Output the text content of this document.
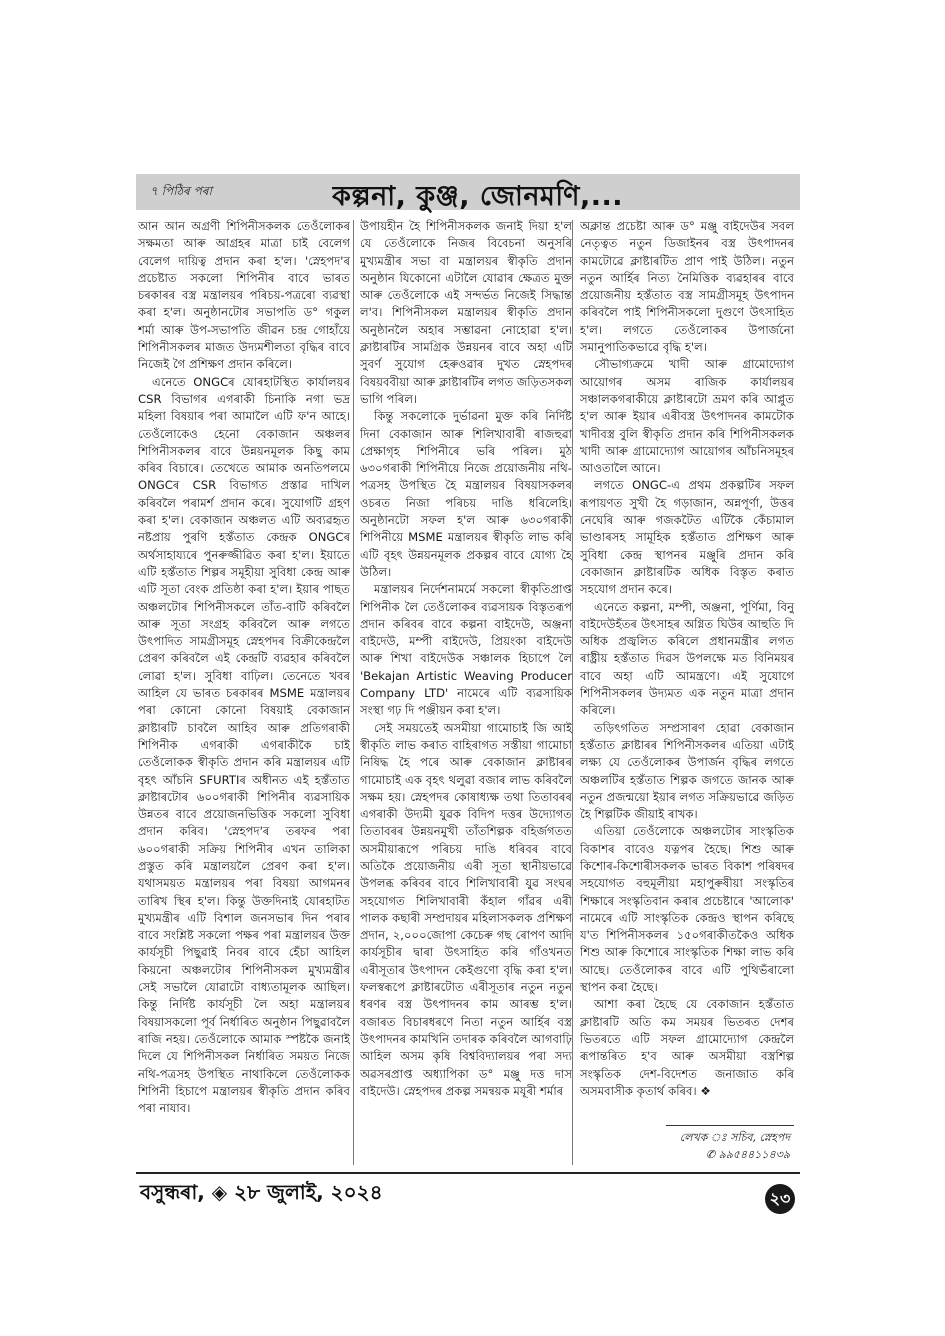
৭ পিঠিৰ পৰা	কল্পনা, কুঞ্জ, জোনমণি,...

আন আন অগ্ৰণী শিপিনীসকলক তেওঁলোকৰ সক্ষমতা আৰু আগ্ৰহৰ মাত্ৰা চাই বেলেগ বেলেগ দায়িত্ব প্ৰদান কৰা হ'ল। 'স্নেহপদ'ৰ প্ৰচেষ্টাত সকলো শিপিনীৰ বাবে ভাৰত চৰকাৰৰ বস্ত্ৰ মন্ত্ৰালয়ৰ পৰিচয়-পত্ৰৰো ব্যৱস্থা কৰা হ'ল। অনুষ্ঠানটোৰ সভাপতি ড° গকুল শৰ্মা আৰু উপ-সভাপতি জীৱন চন্দ্ৰ গোহাঁয়ে শিপিনীসকলৰ মাজত উদ্যমশীলতা বৃদ্ধিৰ বাবে নিজেই গৈ প্ৰশিক্ষণ প্ৰদান কৰিলে।

এনেতে ONGCৰ যোৰহাটস্থিত কাৰ্যালয়ৰ CSR বিভাগৰ এগৰাকী চিনাকি নগা ভদ্ৰ মহিলা বিষয়াৰ পৰা আমালৈ এটি ফ'ন আহে। তেওঁলোকেও হেনো বেকাজান অঞ্চলৰ শিপিনীসকলৰ বাবে উন্নয়নমূলক কিছু কাম কৰিব বিচাৰে। তেখেতে আমাক অনতিপলমে ONGCৰ CSR বিভাগত প্ৰস্তাৱ দাখিল কৰিবলৈ পৰামৰ্শ প্ৰদান কৰে। সুযোগটি গ্ৰহণ কৰা হ'ল। বেকাজান অঞ্চলত এটি অব্যৱহৃত নষ্টপ্ৰায় পুৰণি হস্তঁতাত কেন্দ্ৰক ONGCৰ অৰ্থসাহায্যৰে পুনৰুজ্জীৱিত কৰা হ'ল। ইয়াতে এটি হস্তঁতাত শিল্পৰ সমূহীয়া সুবিধা কেন্দ্ৰ আৰু এটি সূতা বেংক প্ৰতিষ্ঠা কৰা হ'ল। ইয়াৰ পাছত অঞ্চলটোৰ শিপিনীসকলে তাঁত-বাটি কৰিবলৈ আৰু সূতা সংগ্ৰহ কৰিবলৈ আৰু লগতে উৎপাদিত সামগ্ৰীসমূহ স্নেহপদৰ বিক্ৰীকেন্দ্ৰলৈ প্ৰেৰণ কৰিবলৈ এই কেন্দ্ৰটি ব্যৱহাৰ কৰিবলৈ লোৱা হ'ল। সুবিধা বাঢ়িল। তেনেতে খবৰ আহিল যে ভাৰত চৰকাৰৰ MSME মন্ত্ৰালয়ৰ পৰা কোনো কোনো বিষয়াই বেকাজান ক্লাষ্টাৰটি চাবলৈ আহিব আৰু প্ৰতিগৰাকী শিপিনীক এগৰাকী এগৰাকীকৈ চাই তেওঁলোকক স্বীকৃতি প্ৰদান কৰি মন্ত্ৰালয়ৰ এটি বৃহৎ আঁচনি SFURTIৰ অধীনত এই হস্তঁতাত ক্লাষ্টাৰটোৰ ৬০০গৰাকী শিপিনীৰ ব্যৱসায়িক উন্নতৰ বাবে প্ৰয়োজনভিত্তিক সকলো সুবিধা প্ৰদান কৰিব। 'স্নেহপদ'ৰ তৰফৰ পৰা ৬০০গৰাকী সক্ৰিয় শিপিনীৰ এখন তালিকা প্ৰস্তুত কৰি মন্ত্ৰালয়লৈ প্ৰেৰণ কৰা হ'ল। যথাসময়ত মন্ত্ৰালয়ৰ পৰা বিষয়া আগমনৰ তাৰিখ স্থিৰ হ'ল। কিন্তু উক্তদিনাই যোৰহাটত মুখ্যমন্ত্ৰীৰ এটি বিশাল জনসভাৰ দিন পৰাৰ বাবে সংশ্লিষ্ট সকলো পক্ষৰ পৰা মন্ত্ৰালয়ৰ উক্ত কাৰ্যসূচী পিছুৱাই নিবৰ বাবে হেঁচা আহিল কিয়নো অঞ্চলটোৰ শিপিনীসকল মুখ্যমন্ত্ৰীৰ সেই সভালৈ যোৱাটো বাধ্যতামূলক আছিল। কিন্তু নিৰ্দিষ্ট কাৰ্যসূচী লৈ অহা মন্ত্ৰালয়ৰ বিষয়াসকলো পূৰ্ব নিৰ্ধাৰিত অনুষ্ঠান পিছুৱাবলৈ ৰাজি নহয়। তেওঁলোকে আমাক স্পষ্টকৈ জনাই দিলে যে শিপিনীসকল নিৰ্ধাৰিত সময়ত নিজে নথি-পত্ৰসহ উপস্থিত নাথাকিলে তেওঁলোকক শিপিনী হিচাপে মন্ত্ৰালয়ৰ স্বীকৃতি প্ৰদান কৰিব পৰা নাযাব।

উপায়হীন হৈ শিপিনীসকলক জনাই দিয়া হ'ল যে তেওঁলোকে নিজৰ বিবেচনা অনুসৰি মুখ্যমন্ত্ৰীৰ সভা বা মন্ত্ৰালয়ৰ স্বীকৃতি প্ৰদান অনুষ্ঠান যিকোনো এটালৈ যোৱাৰ ক্ষেত্ৰত মুক্ত আৰু তেওঁলোকে এই সন্দৰ্ভত নিজেই সিদ্ধান্ত ল'ব। শিপিনীসকল মন্ত্ৰালয়ৰ স্বীকৃতি প্ৰদান অনুষ্ঠানলৈ অহাৰ সম্ভাৱনা নোহোৱা হ'ল। ক্লাষ্টাৰটিৰ সামগ্ৰিক উন্নয়নৰ বাবে অহা এটি সুবৰ্ণ সুযোগ হেৰুওৱাৰ দুখত স্নেহপদৰ বিষয়ববীয়া আৰু ক্লাষ্টাৰটিৰ লগত জড়িতসকল ভাগি পৰিল।

কিন্তু সকলোকে দুৰ্ভাৱনা মুক্ত কৰি নিৰ্দিষ্ট দিনা বেকাজান আৰু শিলিখাবাৰী ৰাজহুৱা প্ৰেক্ষাগৃহ শিপিনীৰে ভৰি পৰিল। মুঠ ৬৩০গৰাকী শিপিনীয়ে নিজে প্ৰয়োজনীয় নথি-পত্ৰসহ উপস্থিত হৈ মন্ত্ৰালয়ৰ বিষয়াসকলৰ ওচৰত নিজা পৰিচয় দাঙি ধৰিলেহি। অনুষ্ঠানটো সফল হ'ল আৰু ৬৩০গৰাকী শিপিনীয়ে MSME মন্ত্ৰালয়ৰ স্বীকৃতি লাভ কৰি এটি বৃহৎ উন্নয়নমূলক প্ৰকল্পৰ বাবে যোগ্য হৈ উঠিল।

মন্ত্ৰালয়ৰ নিৰ্দেশনামৰ্মে সকলো স্বীকৃতিপ্ৰাপ্ত শিপিনীক লৈ তেওঁলোকৰ ব্যৱসায়ক বিস্তৃতৰূপ প্ৰদান কৰিবৰ বাবে কল্পনা বাইদেউ, অঞ্জনা বাইদেউ, মম্পী বাইদেউ, প্ৰিয়ংকা বাইদেউ আৰু শিখা বাইদেউক সঞ্চালক হিচাপে লৈ 'Bekajan Artistic Weaving Producer Company LTD' নামেৰে এটি ব্যৱসায়িক সংস্থা গঢ় দি পঞ্জীয়ন কৰা হ'ল।

সেই সময়তেই অসমীয়া গামোচাই জি আই স্বীকৃতি লাভ কৰাত বাহিৰাগত সস্তীয়া গামোচা নিষিদ্ধ হৈ পৰে আৰু বেকাজান ক্লাষ্টাৰৰ গামোচাই এক বৃহৎ থলুৱা বজাৰ লাভ কৰিবলৈ সক্ষম হয়। স্নেহপদৰ কোষাধ্যক্ষ তথা তিতাবৰৰ এগৰাকী উদ্যমী যুৱক বিদিপ দত্তৰ উদ্যোগত তিতাবৰৰ উন্নয়নমুখী তাঁতশিল্পক বহিৰ্জগতত অসমীয়াৰূপে পৰিচয় দাঙি ধৰিবৰ বাবে অতিকৈ প্ৰয়োজনীয় এৰী সূতা স্থানীয়ভাৱে উপলব্ধ কৰিবৰ বাবে শিলিখাবাৰী যুৱ সংঘৰ সহযোগত শিলিখাবাৰী কঁহাল গাঁৱৰ এৰী পালক কছাৰী সম্প্ৰদায়ৰ মহিলাসকলক প্ৰশিক্ষণ প্ৰদান, ২,০০০জোপা কেচেৰু গছ ৰোপণ আদি কাৰ্যসূচীৰ দ্বাৰা উৎসাহিত কৰি গাঁওখনত এৰীসূতাৰ উৎপাদন কেইগুণো বৃদ্ধি কৰা হ'ল। ফলস্বৰূপে ক্লাষ্টাৰটোত এৰীসূতাৰ নতুন নতুন ধৰণৰ বস্ত্ৰ উৎপাদনৰ কাম আৰম্ভ হ'ল। বজাৰত বিচাৰধৰণে নিতা নতুন আৰ্হিৰ বস্ত্ৰ উৎপাদনৰ কামখিনি তদাৰক কৰিবলৈ আগবাঢ়ি আহিল অসম কৃষি বিশ্ববিদ্যালয়ৰ পৰা সদ্য অৱসৰপ্ৰাপ্ত অধ্যাপিকা ড° মঞ্জু দত্ত দাস বাইদেউ। স্নেহপদৰ প্ৰকল্প সমন্বয়ক মযূৰী শৰ্মাৰ

অক্লান্ত প্ৰচেষ্টা আৰু ড° মঞ্জু বাইদেউৰ সবল নেতৃত্বত নতুন ডিজাইনৰ বস্ত্ৰ উৎপাদনৰ কামটোৱে ক্লাষ্টাৰটিত প্ৰাণ পাই উঠিল। নতুন নতুন আৰ্হিৰ নিত্য নৈমিত্তিক ব্যৱহাৰৰ বাবে প্ৰয়োজনীয় হস্তঁতাত বস্ত্ৰ সামগ্ৰীসমূহ উৎপাদন কৰিবলৈ পাই শিপিনীসকলো দুগুণে উৎসাহিত হ'ল। লগতে তেওঁলোকৰ উপাৰ্জনো সমানুপাতিকভাৱে বৃদ্ধি হ'ল।

সৌভাগ্যক্ৰমে খাদী আৰু গ্ৰামোদ্যোগ আয়োগৰ অসম ৰাজিক কাৰ্যালয়ৰ সঞ্চালকগৰাকীয়ে ক্লাষ্টাৰটো ভ্ৰমণ কৰি আপ্লুত হ'ল আৰু ইয়াৰ এৰীবস্ত্ৰ উৎপাদনৰ কামটোক খাদীবস্ত্ৰ বুলি স্বীকৃতি প্ৰদান কৰি শিপিনীসকলক খাদী আৰু গ্ৰামোদ্যোগ আয়োগৰ আঁচনিসমূহৰ আওতালৈ আনে।

লগতে ONGC-এ প্ৰথম প্ৰকল্পটিৰ সফল ৰূপায়ণত সুখী হৈ গড়াজান, অন্নপূৰ্ণা, উত্তৰ নেঘেৰি আৰু গজকটৈত এটিকৈ কেঁচামাল ভাণ্ডাৰসহ সামূহিক হস্তঁতাত প্ৰশিক্ষণ আৰু সুবিধা কেন্দ্ৰ স্থাপনৰ মঞ্জুৰি প্ৰদান কৰি বেকাজান ক্লাষ্টাৰটিক অধিক বিস্তৃত কৰাত সহযোগ প্ৰদান কৰে।

এনেতে কল্পনা, মম্পী, অঞ্জনা, পূৰ্ণিমা, বিনু বাইদেউহঁতৰ উৎসাহৰ অগ্নিত ঘিউৰ আহুতি দি অধিক প্ৰজ্বলিত কৰিলে প্ৰধানমন্ত্ৰীৰ লগত ৰাষ্ট্ৰীয় হস্তঁতাত দিৱস উপলক্ষে মত বিনিময়ৰ বাবে অহা এটি আমন্ত্ৰণে। এই সুযোগে শিপিনীসকলৰ উদ্যমত এক নতুন মাত্ৰা প্ৰদান কৰিলে।

তড়িৎগতিত সম্প্ৰসাৰণ হোৱা বেকাজান হস্তঁতাত ক্লাষ্টাৰৰ শিপিনীসকলৰ এতিয়া এটাই লক্ষ্য যে তেওঁলোকৰ উপাৰ্জন বৃদ্ধিৰ লগতে অঞ্চলটিৰ হস্তঁতাত শিল্পক জগতে জানক আৰু নতুন প্ৰজন্ময়ো ইয়াৰ লগত সক্ৰিয়ভাৱে জড়িত হৈ শিল্পটিক জীয়াই ৰাখক।

এতিয়া তেওঁলোকে অঞ্চলটোৰ সাংস্কৃতিক বিকাশৰ বাবেও যত্নপৰ হৈছে। শিশু আৰু কিশোৰ-কিশোৰীসকলক ভাৰত বিকাশ পৰিষদৰ সহযোগত বহুমূলীয়া মহাপুৰুষীয়া সংস্কৃতিৰ শিক্ষাৰে সংস্কৃতিবান কৰাৰ প্ৰচেষ্টাৰে 'আলোক' নামেৰে এটি সাংস্কৃতিক কেন্দ্ৰও স্থাপন কৰিছে য'ত শিপিনীসকলৰ ১৫০গৰাকীতকৈও অধিক শিশু আৰু কিশোৰে সাংস্কৃতিক শিক্ষা লাভ কৰি আছে। তেওঁলোকৰ বাবে এটি পুথিভঁৰালো স্থাপন কৰা হৈছে।

আশা কৰা হৈছে যে বেকাজান হস্তঁতাত ক্লাষ্টাৰটি অতি কম সময়ৰ ভিতৰত দেশৰ ভিতৰতে এটি সফল গ্ৰামোদ্যোগ কেন্দ্ৰলৈ ৰূপান্তৰিত হ'ব আৰু অসমীয়া বস্ত্ৰশিল্প সংস্কৃতিক দেশ-বিদেশত জনাজাত কৰি অসমবাসীক কৃতাৰ্থ কৰিব। ❖

লেখক ঃ সচিব, স্নেহপদ
✆ ৯৯৫৪৪১১৪৩৯
বসুন্ধৰা, ◈ ২৮ জুলাই, ২০২৪	২৩
